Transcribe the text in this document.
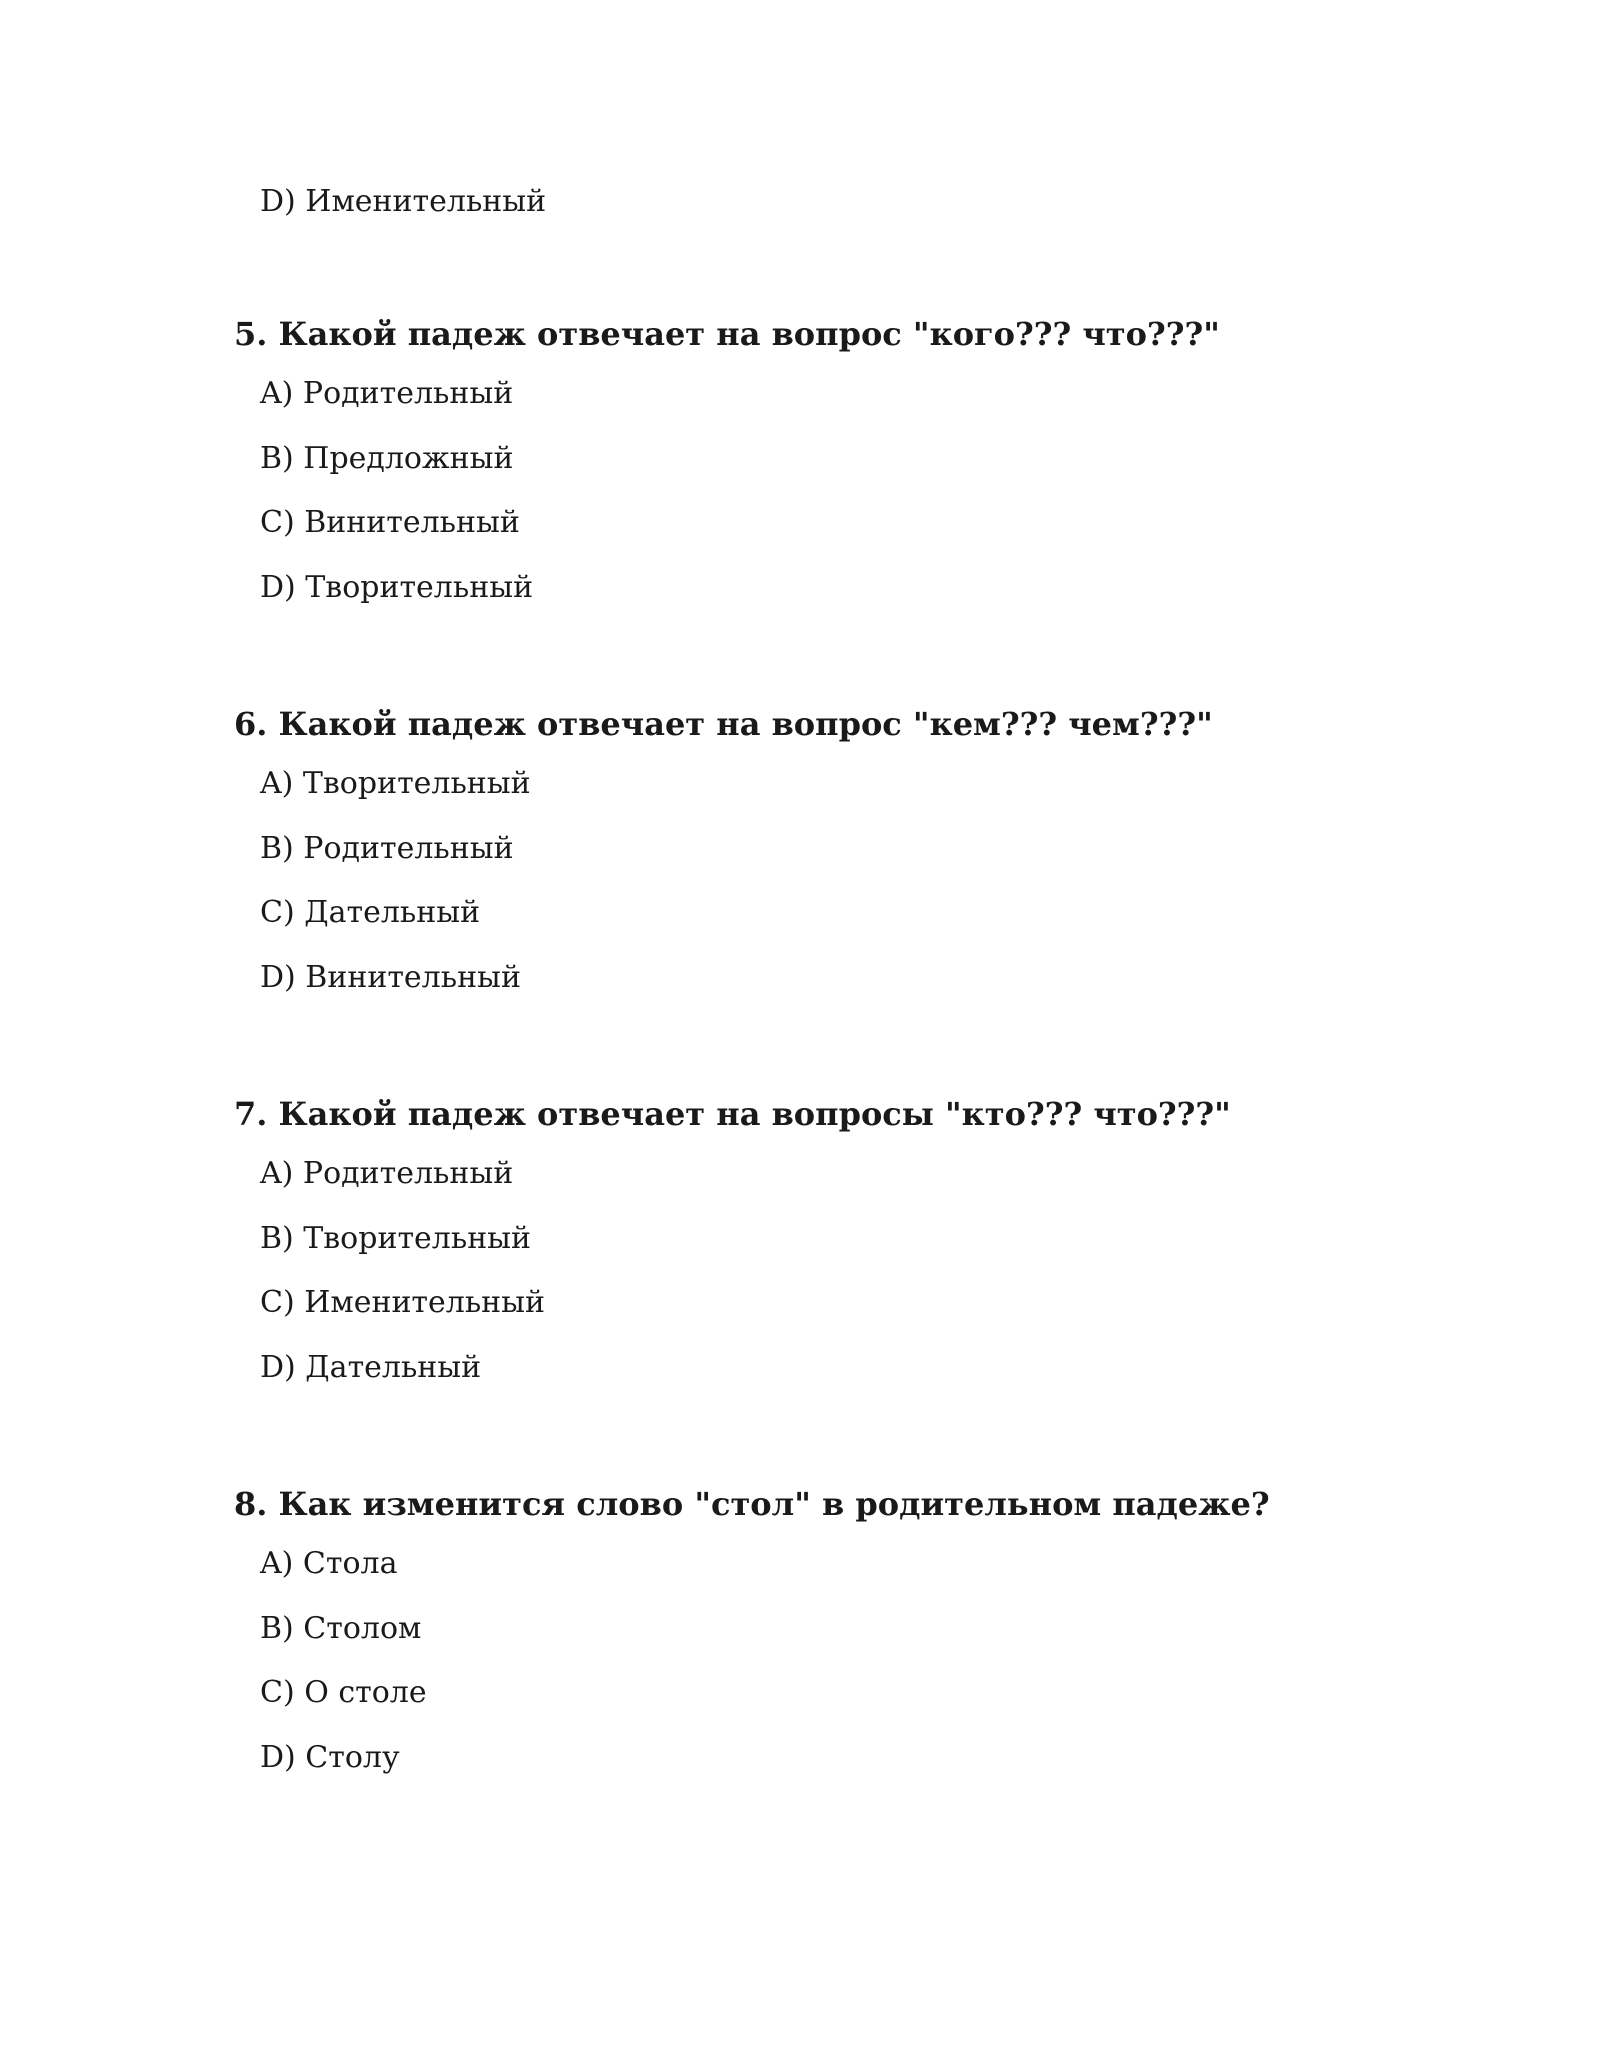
D) Именительный
5. Какой падеж отвечает на вопрос "кого??? что???"
A) Родительный
B) Предложный
C) Винительный
D) Творительный
6. Какой падеж отвечает на вопрос "кем??? чем???"
A) Творительный
B) Родительный
C) Дательный
D) Винительный
7. Какой падеж отвечает на вопросы "кто??? что???"
A) Родительный
B) Творительный
C) Именительный
D) Дательный
8. Как изменится слово "стол" в родительном падеже?
A) Стола
B) Столом
C) О столе
D) Столу
